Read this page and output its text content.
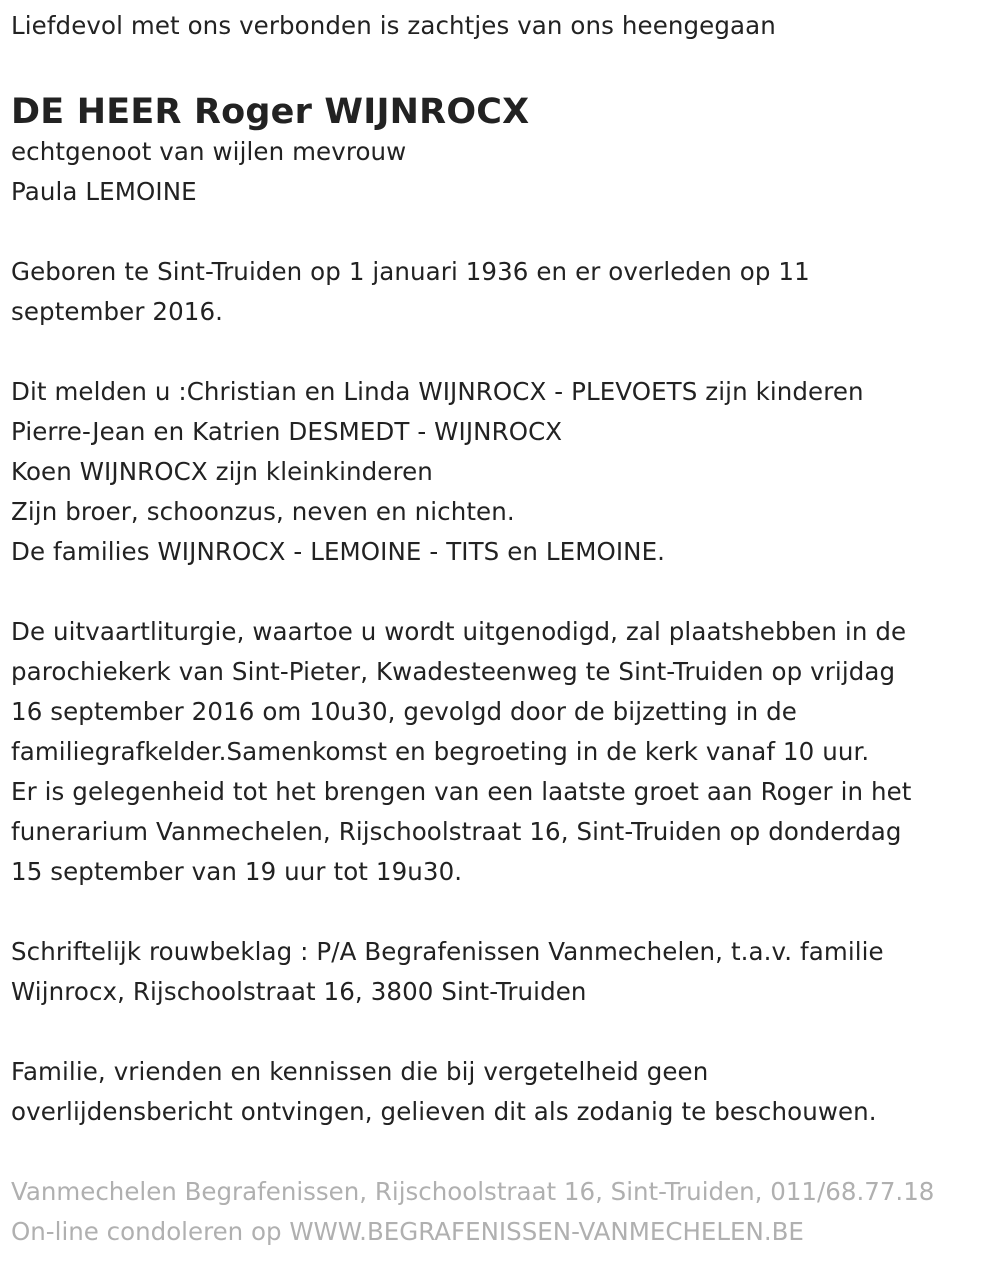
Liefdevol met ons verbonden is zachtjes van ons heengegaan
DE HEER Roger WIJNROCX
echtgenoot van wijlen mevrouw
Paula LEMOINE
Geboren te Sint-Truiden op 1 januari 1936 en er overleden op 11
september 2016.
Dit melden u :Christian en Linda WIJNROCX - PLEVOETS zijn kinderen
Pierre-Jean en Katrien DESMEDT - WIJNROCX
Koen WIJNROCX zijn kleinkinderen
Zijn broer, schoonzus, neven en nichten.
De families WIJNROCX - LEMOINE - TITS en LEMOINE.
De uitvaartliturgie, waartoe u wordt uitgenodigd, zal plaatshebben in de
parochiekerk van Sint-Pieter, Kwadesteenweg te Sint-Truiden op vrijdag
16 september 2016 om 10u30, gevolgd door de bijzetting in de
familiegrafkelder.Samenkomst en begroeting in de kerk vanaf 10 uur.
Er is gelegenheid tot het brengen van een laatste groet aan Roger in het
funerarium Vanmechelen, Rijschoolstraat 16, Sint-Truiden op donderdag
15 september van 19 uur tot 19u30.
Schriftelijk rouwbeklag : P/A Begrafenissen Vanmechelen, t.a.v. familie
Wijnrocx, Rijschoolstraat 16, 3800 Sint-Truiden
Familie, vrienden en kennissen die bij vergetelheid geen
overlijdensbericht ontvingen, gelieven dit als zodanig te beschouwen.
Vanmechelen Begrafenissen, Rijschoolstraat 16, Sint-Truiden, 011/68.77.18
On-line condoleren op WWW.BEGRAFENISSEN-VANMECHELEN.BE
